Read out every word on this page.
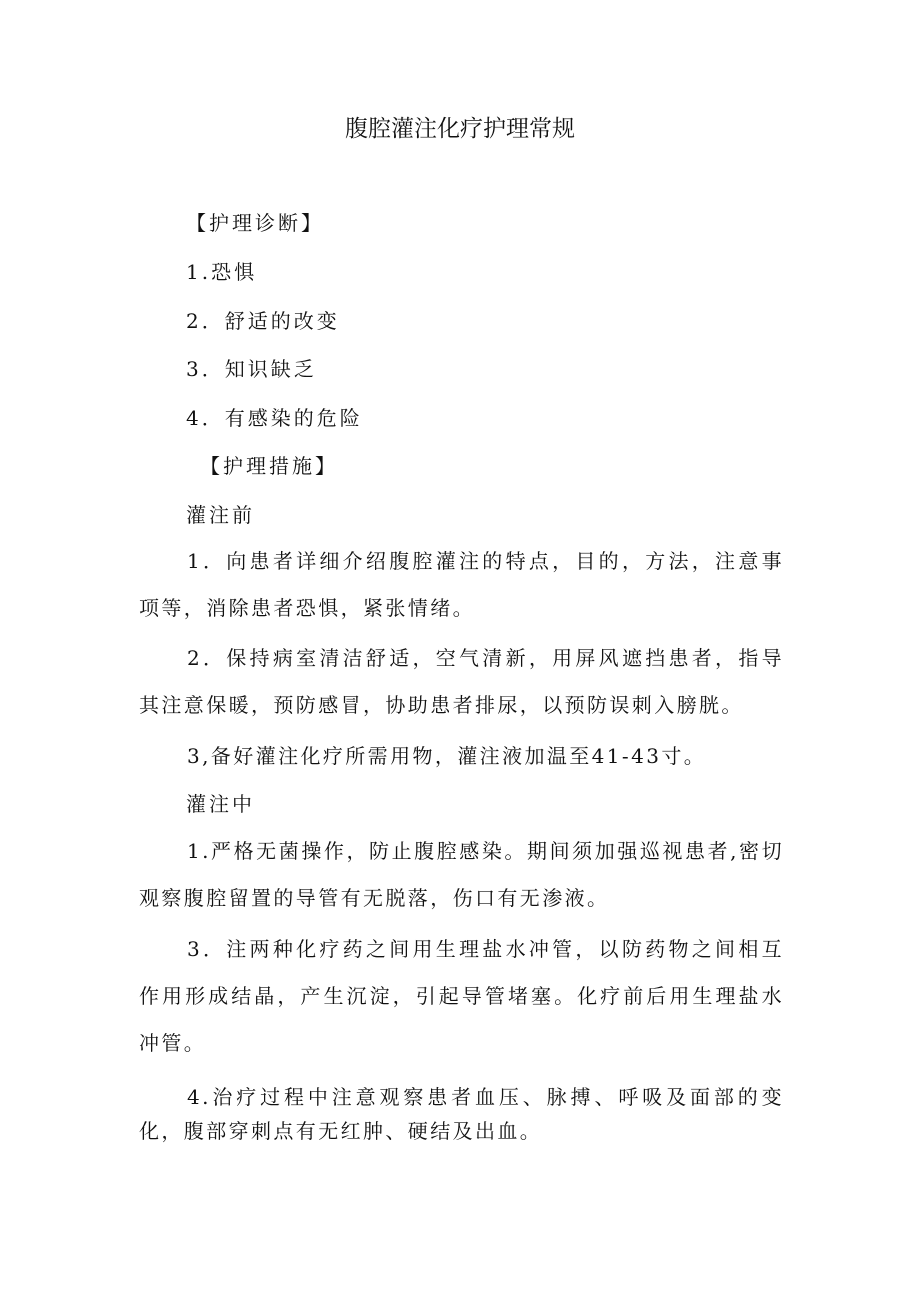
腹腔灌注化疗护理常规
【护理诊断】
1.恐惧
2．舒适的改变
3．知识缺乏
4．有感染的危险
【护理措施】
灌注前
1．向患者详细介绍腹腔灌注的特点，目的，方法，注意事项等，消除患者恐惧，紧张情绪。
2．保持病室清洁舒适，空气清新，用屏风遮挡患者，指导其注意保暖，预防感冒，协助患者排尿，以预防误刺入膀胱。
3,备好灌注化疗所需用物，灌注液加温至41-43寸。
灌注中
1.严格无菌操作，防止腹腔感染。期间须加强巡视患者,密切观察腹腔留置的导管有无脱落，伤口有无渗液。
3．注两种化疗药之间用生理盐水冲管，以防药物之间相互作用形成结晶，产生沉淀，引起导管堵塞。化疗前后用生理盐水冲管。
4.治疗过程中注意观察患者血压、脉搏、呼吸及面部的变化，腹部穿刺点有无红肿、硬结及出血。
